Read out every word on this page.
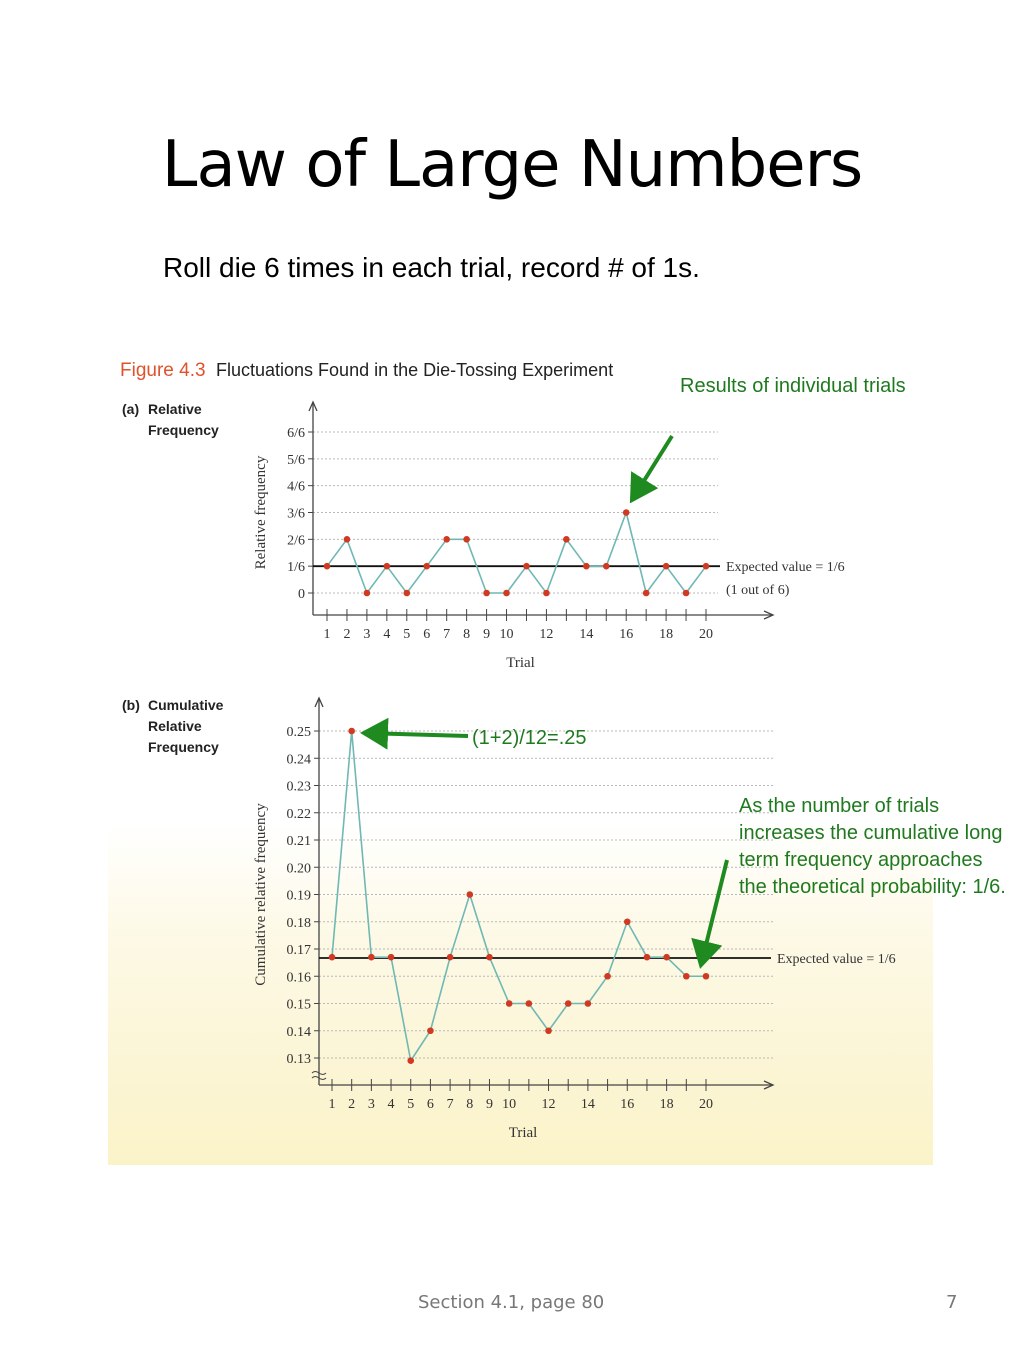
Law of Large Numbers
Roll die 6 times in each trial, record # of 1s.
Figure 4.3 Fluctuations Found in the Die-Tossing Experiment
(a) Relative
Frequency
0
1/6
2/6
3/6
4/6
5/6
6/6
1 2 3 4 5 6 7 8 9 10 12 14 16 18 20
Trial
Relative frequency	Expected value = 1/6
(1 out of 6)
(b) Cumulative
Relative
Frequency
0.13
0.14
0.15
0.16
0.17
0.18
0.19
0.20
0.21
0.22
0.23
0.24
0.25
1 2 3 4 5 6 7 8 9 10 12 14 16 18 20
Trial
Cumulative relative frequency	Expected value = 1/6
Results of individual trials
(1+2)/12=.25
As the number of trials increases the cumulative long term frequency approaches the theoretical probability: 1/6.
Section 4.1, page 80	7
